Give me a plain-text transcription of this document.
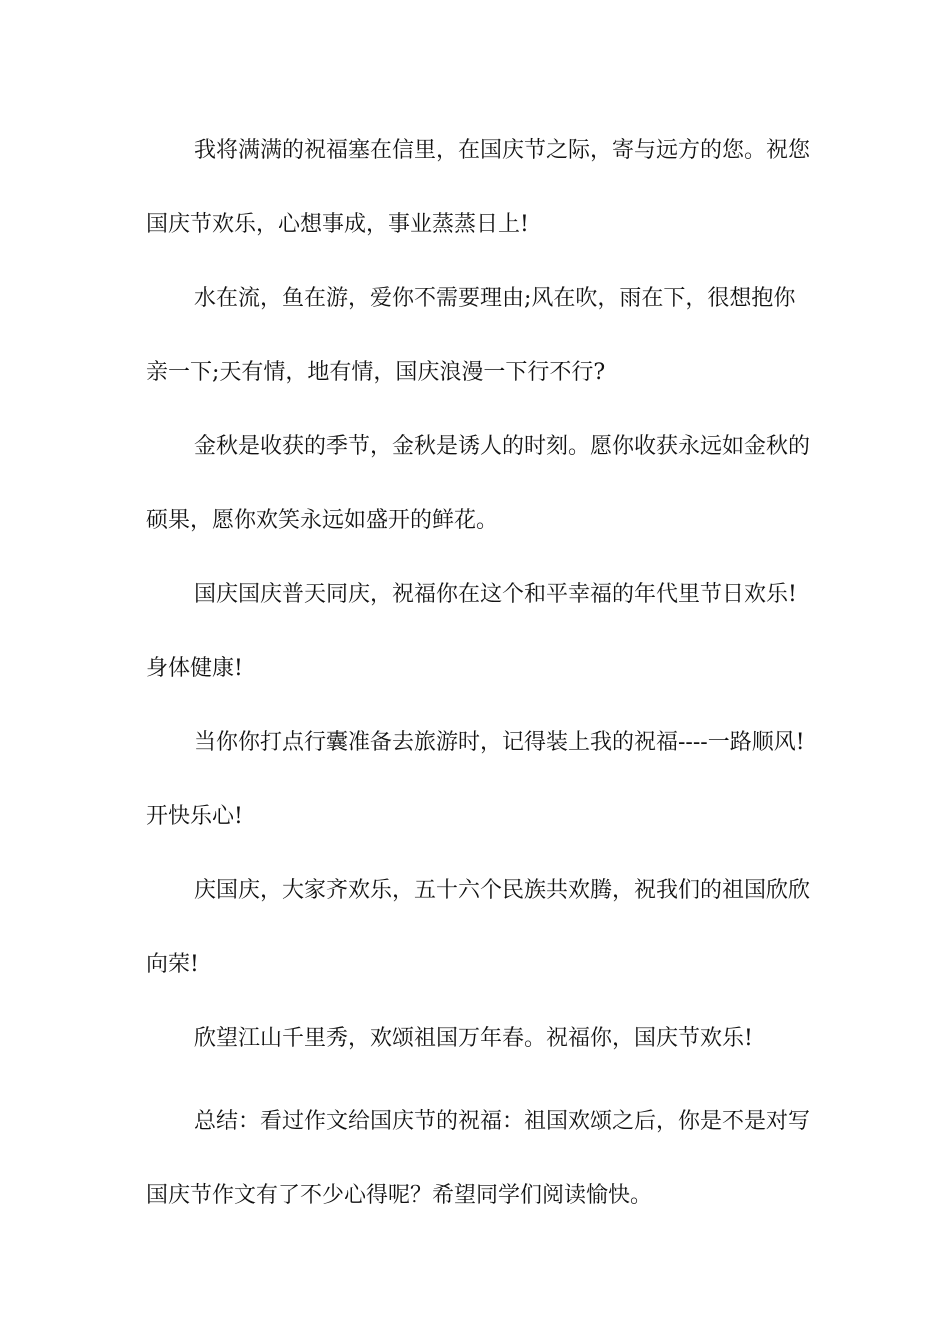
我将满满的祝福塞在信里，在国庆节之际，寄与远方的您。祝您国庆节欢乐，心想事成，事业蒸蒸日上!

水在流，鱼在游，爱你不需要理由;风在吹，雨在下，很想抱你亲一下;天有情，地有情，国庆浪漫一下行不行?

金秋是收获的季节，金秋是诱人的时刻。愿你收获永远如金秋的硕果，愿你欢笑永远如盛开的鲜花。

国庆国庆普天同庆，祝福你在这个和平幸福的年代里节日欢乐!身体健康!

当你你打点行囊准备去旅游时，记得装上我的祝福----一路顺风!开快乐心!

庆国庆，大家齐欢乐，五十六个民族共欢腾，祝我们的祖国欣欣向荣!

欣望江山千里秀，欢颂祖国万年春。祝福你，国庆节欢乐!

总结：看过作文给国庆节的祝福：祖国欢颂之后，你是不是对写国庆节作文有了不少心得呢？希望同学们阅读愉快。
